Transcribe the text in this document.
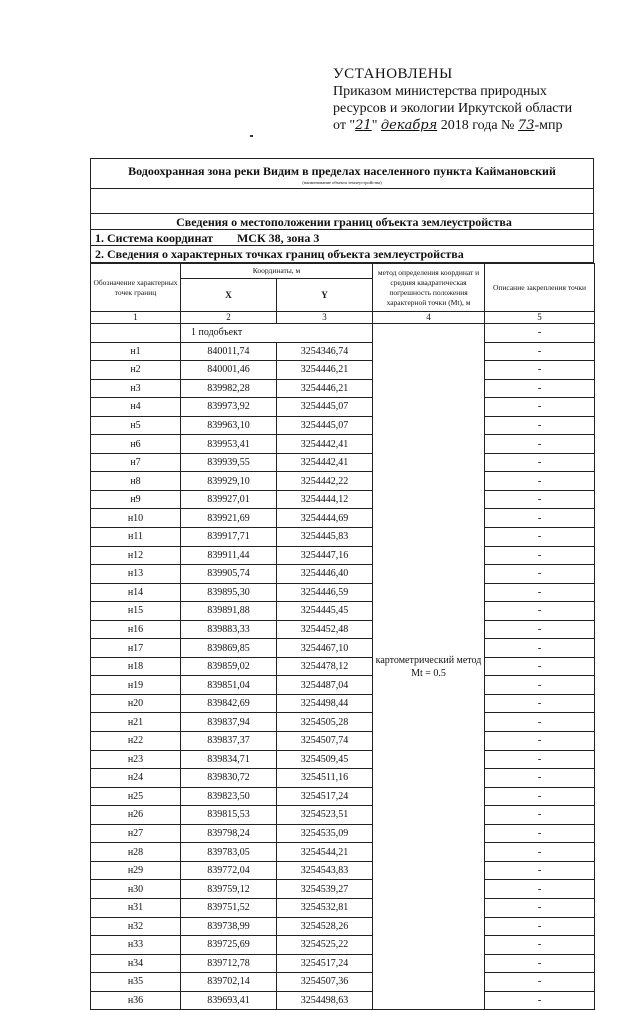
УСТАНОВЛЕНЫ
Приказом министерства природных
ресурсов и экологии Иркутской области
от "21" декабря 2018 года № 73-мпр
Водоохранная зона реки Видим в пределах населенного пункта Каймановский
(наименование объекта землеустройства)
Сведения о местоположении границ объекта землеустройства
1. Система координат МСК 38, зона 3
2. Сведения о характерных точках границ объекта землеустройства
Обозначение характерных точек границ	Координаты, м		метод определения координат и средняя квадратическая погрешность положения характерной точки (Mt), м	Описание закрепления точки
	X	Y		
1	2	3	4	5
	1 подобъект		картометрический метод Mt = 0.5	-
н1	840011,74	3254346,74		-
н2	840001,46	3254446,21		-
н3	839982,28	3254446,21		-
н4	839973,92	3254445,07		-
н5	839963,10	3254445,07		-
н6	839953,41	3254442,41		-
н7	839939,55	3254442,41		-
н8	839929,10	3254442,22		-
н9	839927,01	3254444,12		-
н10	839921,69	3254444,69		-
н11	839917,71	3254445,83		-
н12	839911,44	3254447,16		-
н13	839905,74	3254446,40		-
н14	839895,30	3254446,59		-
н15	839891,88	3254445,45		-
н16	839883,33	3254452,48		-
н17	839869,85	3254467,10		-
н18	839859,02	3254478,12		-
н19	839851,04	3254487,04		-
н20	839842,69	3254498,44		-
н21	839837,94	3254505,28		-
н22	839837,37	3254507,74		-
н23	839834,71	3254509,45		-
н24	839830,72	3254511,16		-
н25	839823,50	3254517,24		-
н26	839815,53	3254523,51		-
н27	839798,24	3254535,09		-
н28	839783,05	3254544,21		-
н29	839772,04	3254543,83		-
н30	839759,12	3254539,27		-
н31	839751,52	3254532,81		-
н32	839738,99	3254528,26		-
н33	839725,69	3254525,22		-
н34	839712,78	3254517,24		-
н35	839702,14	3254507,36		-
н36	839693,41	3254498,63		-
